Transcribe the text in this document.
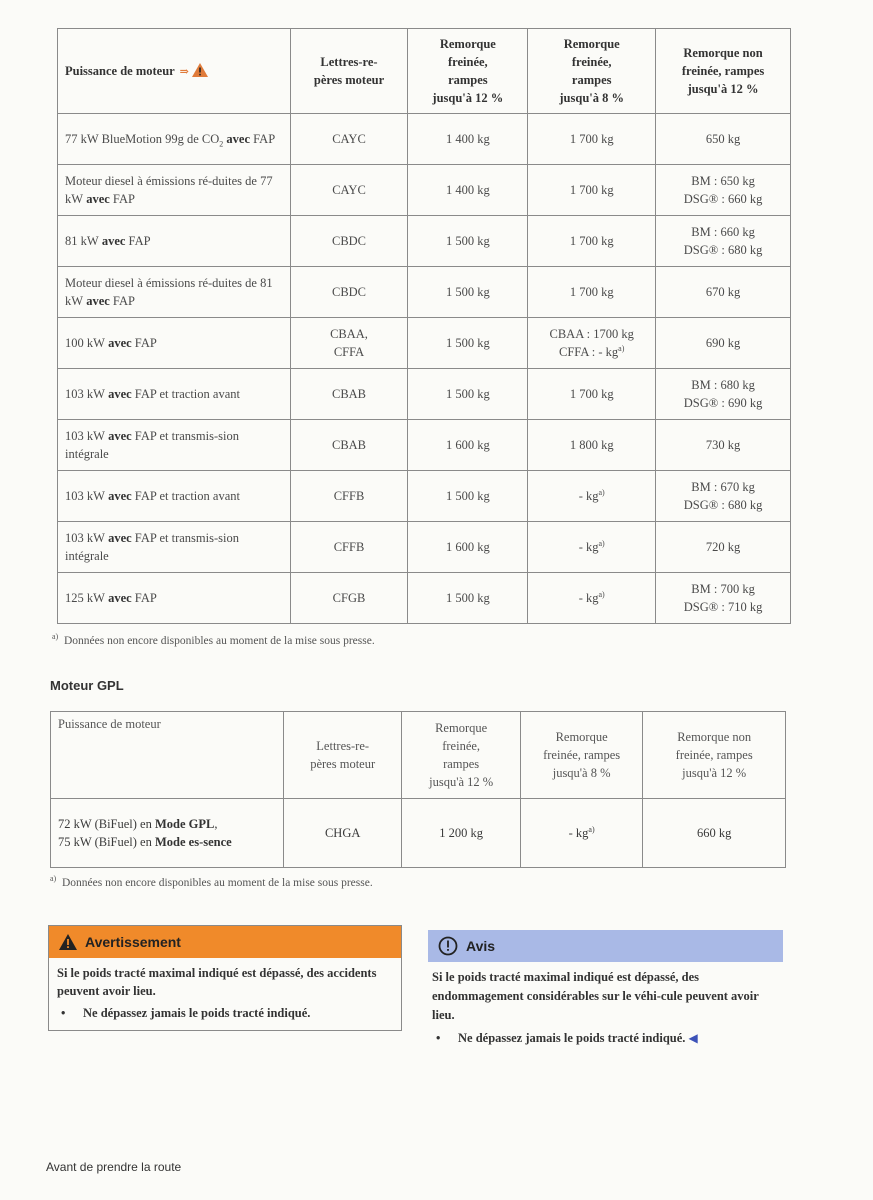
Puissance de moteur ⇒	Lettres-re-
pères moteur	Remorque
freinée,
rampes
jusqu'à 12 %	Remorque
freinée,
rampes
jusqu'à 8 %	Remorque non
freinée, rampes
jusqu'à 12 %
77 kW BlueMotion 99g de $CO_2$ avec FAP	CAYC	1 400 kg	1 700 kg	650 kg
Moteur diesel à émissions ré-duites de 77 kW avec FAP	CAYC	1 400 kg	1 700 kg	BM : 650 kg
DSG® : 660 kg
81 kW avec FAP	CBDC	1 500 kg	1 700 kg	BM : 660 kg
DSG® : 680 kg
Moteur diesel à émissions ré-duites de 81 kW avec FAP	CBDC	1 500 kg	1 700 kg	670 kg
100 kW avec FAP	CBAA,
CFFA	1 500 kg	CBAA : 1700 kg
CFFA : - $kg^{a)}$	690 kg
103 kW avec FAP et traction avant	CBAB	1 500 kg	1 700 kg	BM : 680 kg
DSG® : 690 kg
103 kW avec FAP et transmis-sion intégrale	CBAB	1 600 kg	1 800 kg	730 kg
103 kW avec FAP et traction avant	CFFB	1 500 kg	- $kg^{a)}$	BM : 670 kg
DSG® : 680 kg
103 kW avec FAP et transmis-sion intégrale	CFFB	1 600 kg	- $kg^{a)}$	720 kg
125 kW avec FAP	CFGB	1 500 kg	- $kg^{a)}$	BM : 700 kg
DSG® : 710 kg
$^{a)}$ Données non encore disponibles au moment de la mise sous presse.
Moteur GPL
Puissance de moteur	Lettres-re-
pères moteur	Remorque
freinée,
rampes
jusqu'à 12 %	Remorque
freinée, rampes
jusqu'à 8 %	Remorque non
freinée, rampes
jusqu'à 12 %
72 kW (BiFuel) en Mode GPL,
75 kW (BiFuel) en Mode es-sence	CHGA	1 200 kg	- $kg^{a)}$	660 kg
$^{a)}$ Données non encore disponibles au moment de la mise sous presse.
Avertissement
Si le poids tracté maximal indiqué est dépassé, des accidents peuvent avoir lieu.
•	Ne dépassez jamais le poids tracté indiqué.
Avis
Si le poids tracté maximal indiqué est dépassé, des endommagement considérables sur le véhi-cule peuvent avoir lieu.
•	Ne dépassez jamais le poids tracté indiqué. ◀
Avant de prendre la route
